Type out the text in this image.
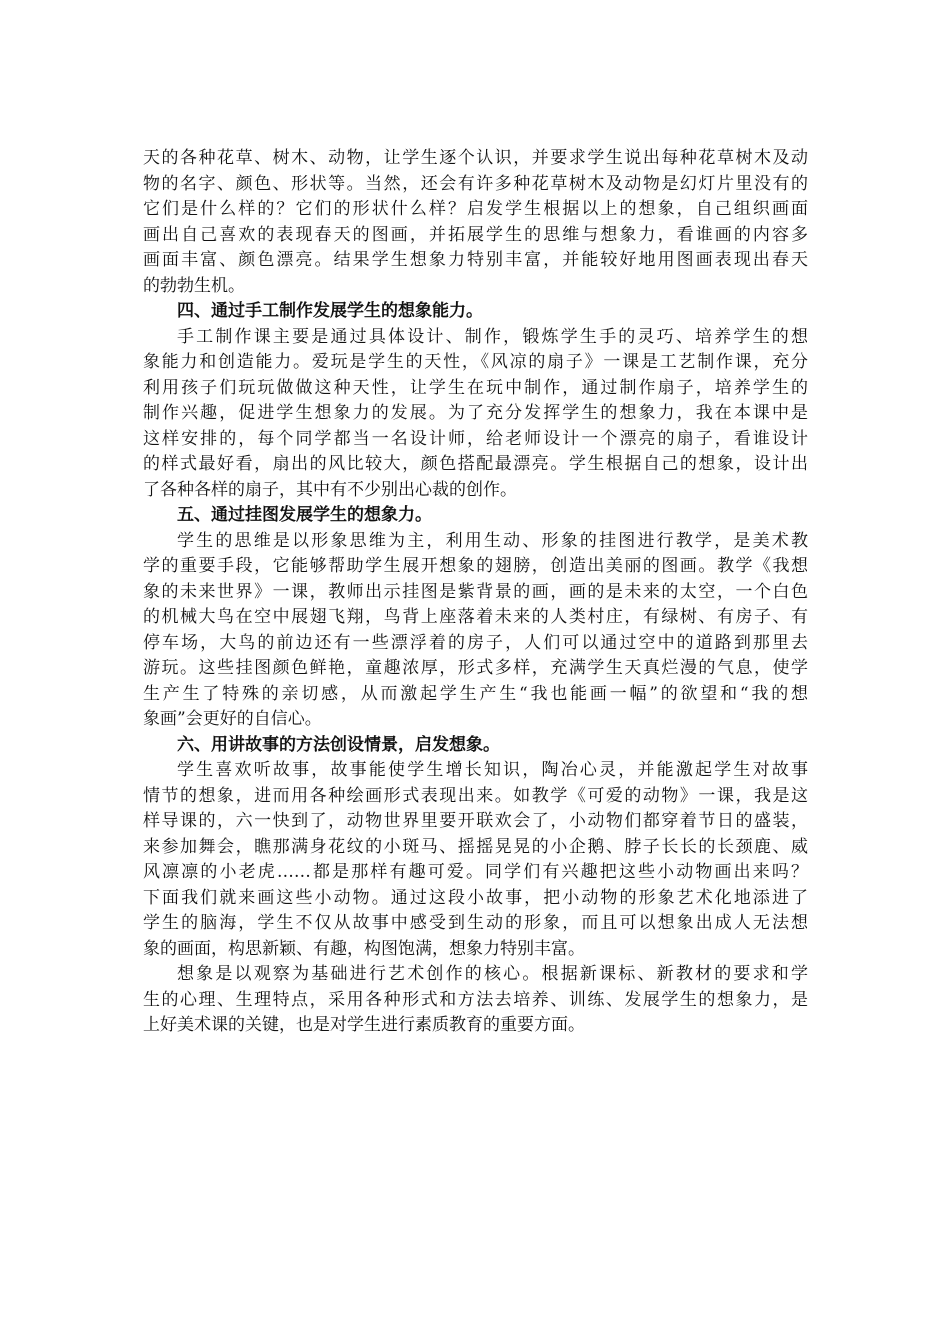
天的各种花草、树木、动物，让学生逐个认识，并要求学生说出每种花草树木及动
物的名字、颜色、形状等。当然，还会有许多种花草树木及动物是幻灯片里没有的
它们是什么样的？它们的形状什么样？启发学生根据以上的想象，自己组织画面
画出自己喜欢的表现春天的图画，并拓展学生的思维与想象力，看谁画的内容多
画面丰富、颜色漂亮。结果学生想象力特别丰富，并能较好地用图画表现出春天
的勃勃生机。
四、通过手工制作发展学生的想象能力。
手工制作课主要是通过具体设计、制作，锻炼学生手的灵巧、培养学生的想
象能力和创造能力。爱玩是学生的天性，《风凉的扇子》一课是工艺制作课，充分
利用孩子们玩玩做做这种天性，让学生在玩中制作，通过制作扇子，培养学生的
制作兴趣，促进学生想象力的发展。为了充分发挥学生的想象力，我在本课中是
这样安排的，每个同学都当一名设计师，给老师设计一个漂亮的扇子，看谁设计
的样式最好看，扇出的风比较大，颜色搭配最漂亮。学生根据自己的想象，设计出
了各种各样的扇子，其中有不少别出心裁的创作。
五、通过挂图发展学生的想象力。
学生的思维是以形象思维为主，利用生动、形象的挂图进行教学，是美术教
学的重要手段，它能够帮助学生展开想象的翅膀，创造出美丽的图画。教学《我想
象的未来世界》一课，教师出示挂图是紫背景的画，画的是未来的太空，一个白色
的机械大鸟在空中展翅飞翔，鸟背上座落着未来的人类村庄，有绿树、有房子、有
停车场，大鸟的前边还有一些漂浮着的房子，人们可以通过空中的道路到那里去
游玩。这些挂图颜色鲜艳，童趣浓厚，形式多样，充满学生天真烂漫的气息，使学
生产生了特殊的亲切感，从而激起学生产生“我也能画一幅”的欲望和“我的想
象画”会更好的自信心。
六、用讲故事的方法创设情景，启发想象。
学生喜欢听故事，故事能使学生增长知识，陶冶心灵，并能激起学生对故事
情节的想象，进而用各种绘画形式表现出来。如教学《可爱的动物》一课，我是这
样导课的，六一快到了，动物世界里要开联欢会了，小动物们都穿着节日的盛装，
来参加舞会，瞧那满身花纹的小斑马、摇摇晃晃的小企鹅、脖子长长的长颈鹿、威
风凛凛的小老虎……都是那样有趣可爱。同学们有兴趣把这些小动物画出来吗？
下面我们就来画这些小动物。通过这段小故事，把小动物的形象艺术化地添进了
学生的脑海，学生不仅从故事中感受到生动的形象，而且可以想象出成人无法想
象的画面，构思新颖、有趣，构图饱满，想象力特别丰富。
想象是以观察为基础进行艺术创作的核心。根据新课标、新教材的要求和学
生的心理、生理特点，采用各种形式和方法去培养、训练、发展学生的想象力，是
上好美术课的关键，也是对学生进行素质教育的重要方面。
